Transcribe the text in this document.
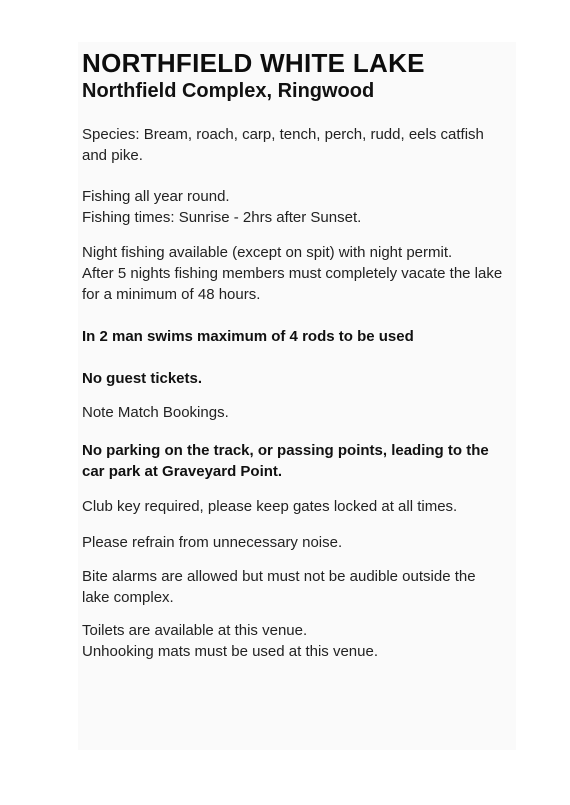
NORTHFIELD WHITE LAKE
Northfield Complex, Ringwood

Species: Bream, roach, carp, tench, perch, rudd, eels catfish
and pike.

Fishing all year round.
Fishing times: Sunrise - 2hrs after Sunset.

Night fishing available (except on spit) with night permit.
After 5 nights fishing members must completely vacate the lake
for a minimum of 48 hours.

In 2 man swims maximum of 4 rods to be used

No guest tickets.

Note Match Bookings.

No parking on the track, or passing points, leading to the
car park at Graveyard Point.

Club key required, please keep gates locked at all times.

Please refrain from unnecessary noise.

Bite alarms are allowed but must not be audible outside the
lake complex.

Toilets are available at this venue.
Unhooking mats must be used at this venue.
